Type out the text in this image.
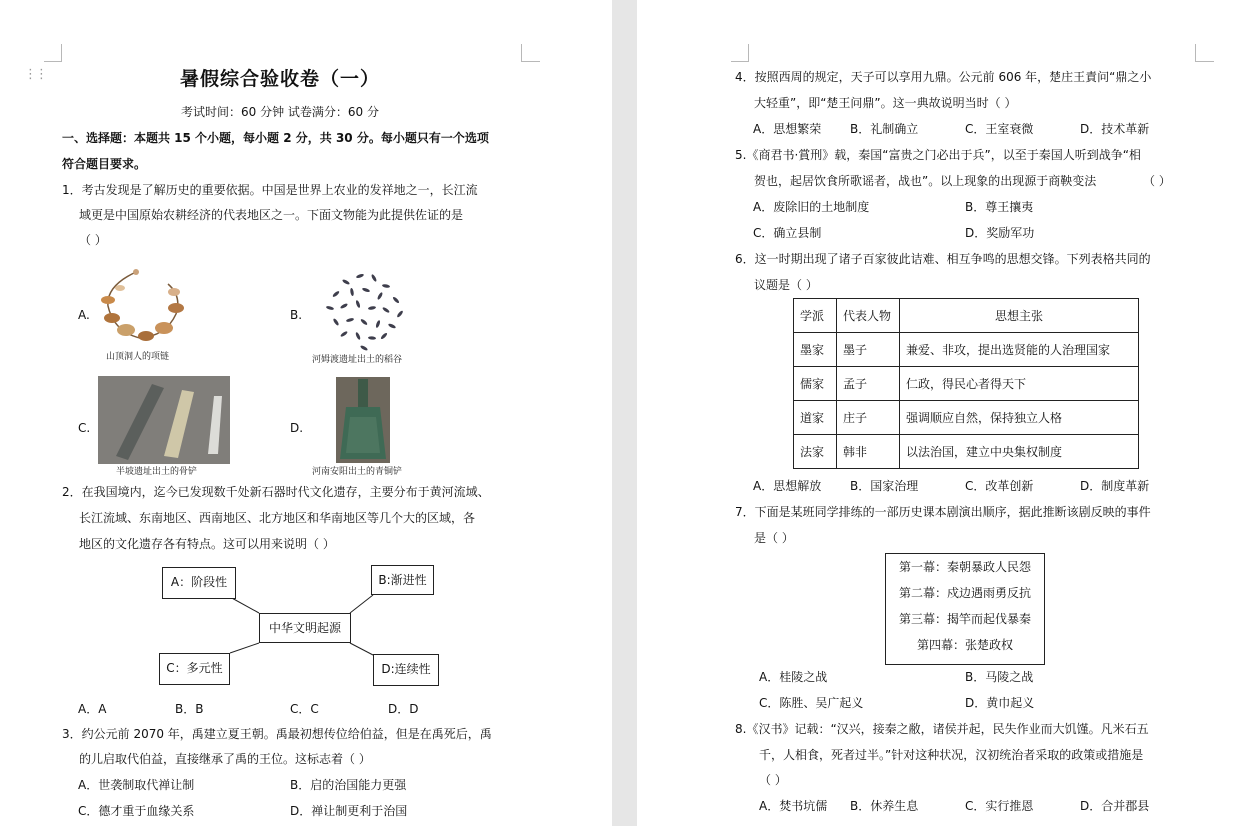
⋮⋮	暑假综合验收卷（一）
考试时间：60 分钟 试卷满分：60 分
一、选择题：本题共 15 个小题，每小题 2 分，共 30 分。每小题只有一个选项
符合题目要求。
1．考古发现是了解历史的重要依据。中国是世界上农业的发祥地之一，长江流
域更是中国原始农耕经济的代表地区之一。下面文物能为此提供佐证的是
（ ）
A.
山顶洞人的项链
B.
河姆渡遗址出土的稻谷
C.
半坡遗址出土的骨铲
D.
河南安阳出土的青铜铲
2．在我国境内，迄今已发现数千处新石器时代文化遗存，主要分布于黄河流域、
长江流域、东南地区、西南地区、北方地区和华南地区等几个大的区域，各
地区的文化遗存各有特点。这可以用来说明（ ）
A：阶段性	B:渐进性
中华文明起源
C：多元性	D:连续性
A．A	B．B	C．C	D．D
3．约公元前 2070 年，禹建立夏王朝。禹最初想传位给伯益，但是在禹死后，禹
的儿启取代伯益，直接继承了禹的王位。这标志着（ ）
A．世袭制取代禅让制	B．启的治国能力更强
C．德才重于血缘关系	D．禅让制更利于治国
4．按照西周的规定，天子可以享用九鼎。公元前 606 年，楚庄王責问“鼎之小
大轻重”，即“楚王问鼎”。这一典故说明当时（ ）
A．思想繁荣 B．礼制确立	C．王室衰微	D．技术革新
5.《商君书·賞刑》载，秦国“富贵之门必出于兵”，以至于秦国人听到战争“相
贺也，起居饮食所歌谣者，战也”。以上现象的出现源于商鞅变法	（ ）
A．废除旧的土地制度	B．尊王攘夷
C．确立县制	D．奖励军功
6．这一时期出现了诸子百家彼此诘难、相互争鸣的思想交锋。下列表格共同的
议题是（ ）
学派	代表人物	思想主张
墨家	墨子	兼爱、非攻，提出选贤能的人治理国家
儒家	孟子	仁政，得民心者得天下
道家	庄子	强调顺应自然，保持独立人格
法家	韩非	以法治国，建立中央集权制度
A．思想解放 B．国家治理	C．改革创新	D．制度革新
7．下面是某班同学排练的一部历史课本剧演出顺序，据此推断该剧反映的事件
是（ ）
第一幕：秦朝暴政人民怨
第二幕：戍边遇雨勇反抗
第三幕：揭竿而起伐暴秦
第四幕：张楚政权
A．桂陵之战	B．马陵之战
C．陈胜、吴广起义	D．黄巾起义
8.《汉书》记载：“汉兴，接秦之敝，诸侯并起，民失作业而大饥馑。凡米石五
千，人相食，死者过半。”针对这种状况，汉初统治者采取的政策或措施是
（ ）
A．焚书坑儒 B．休养生息	C．实行推恩	D．合并郡县
